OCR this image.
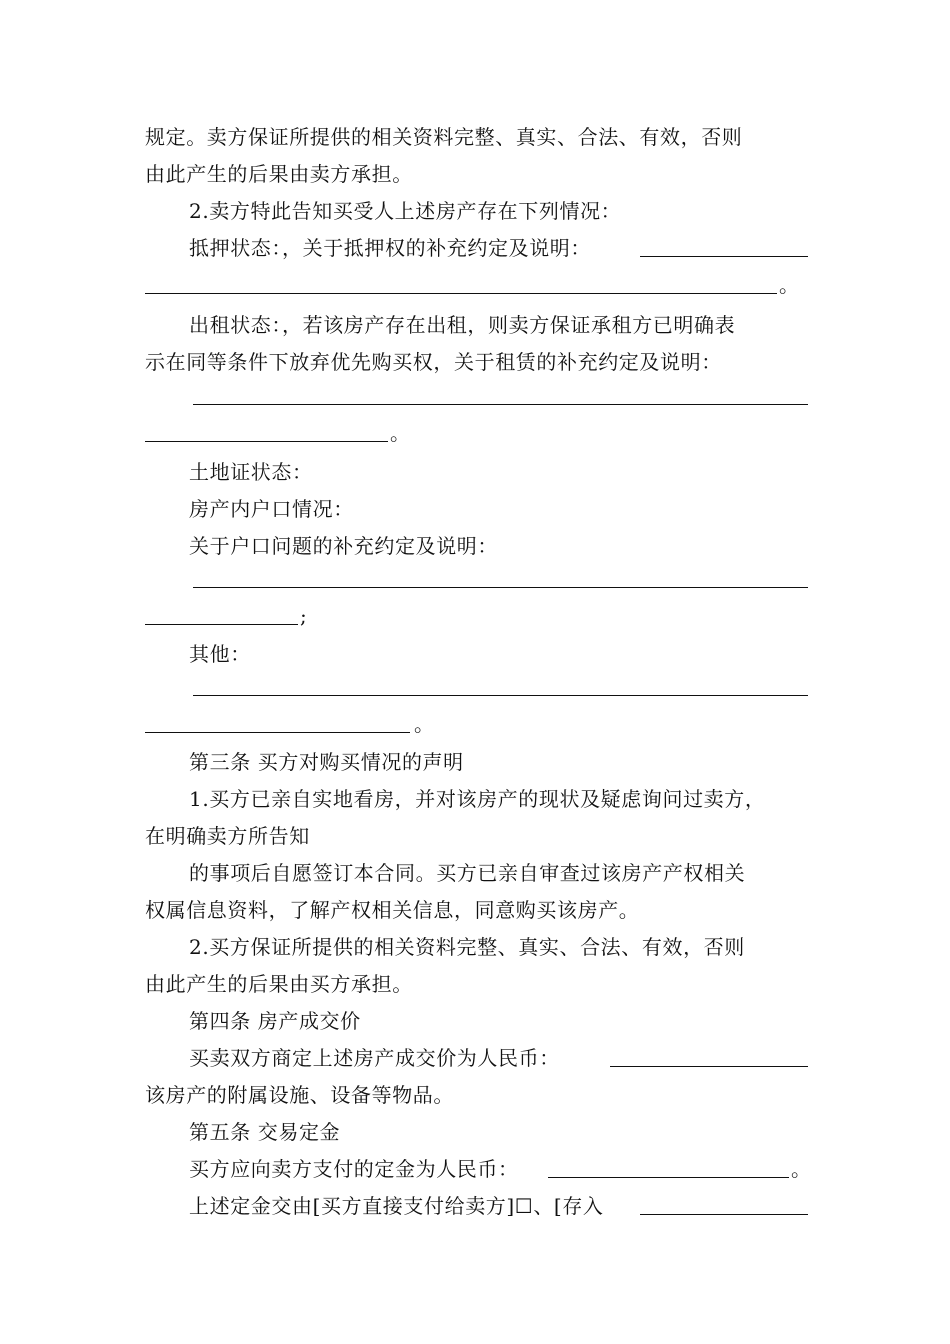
规定。卖方保证所提供的相关资料完整、真实、合法、有效，否则
由此产生的后果由卖方承担。
2.卖方特此告知买受人上述房产存在下列情况：
抵押状态：，关于抵押权的补充约定及说明：
。
出租状态：，若该房产存在出租，则卖方保证承租方已明确表
示在同等条件下放弃优先购买权，关于租赁的补充约定及说明：
。
土地证状态：
房产内户口情况：
关于户口问题的补充约定及说明：
;
其他：
。
第三条 买方对购买情况的声明
1.买方已亲自实地看房，并对该房产的现状及疑虑询问过卖方，
在明确卖方所告知
的事项后自愿签订本合同。买方已亲自审查过该房产产权相关
权属信息资料，了解产权相关信息，同意购买该房产。
2.买方保证所提供的相关资料完整、真实、合法、有效，否则
由此产生的后果由买方承担。
第四条 房产成交价
买卖双方商定上述房产成交价为人民币：
该房产的附属设施、设备等物品。
第五条 交易定金
买方应向卖方支付的定金为人民币：	。
上述定金交由[买方直接支付给卖方]☐、[存入
